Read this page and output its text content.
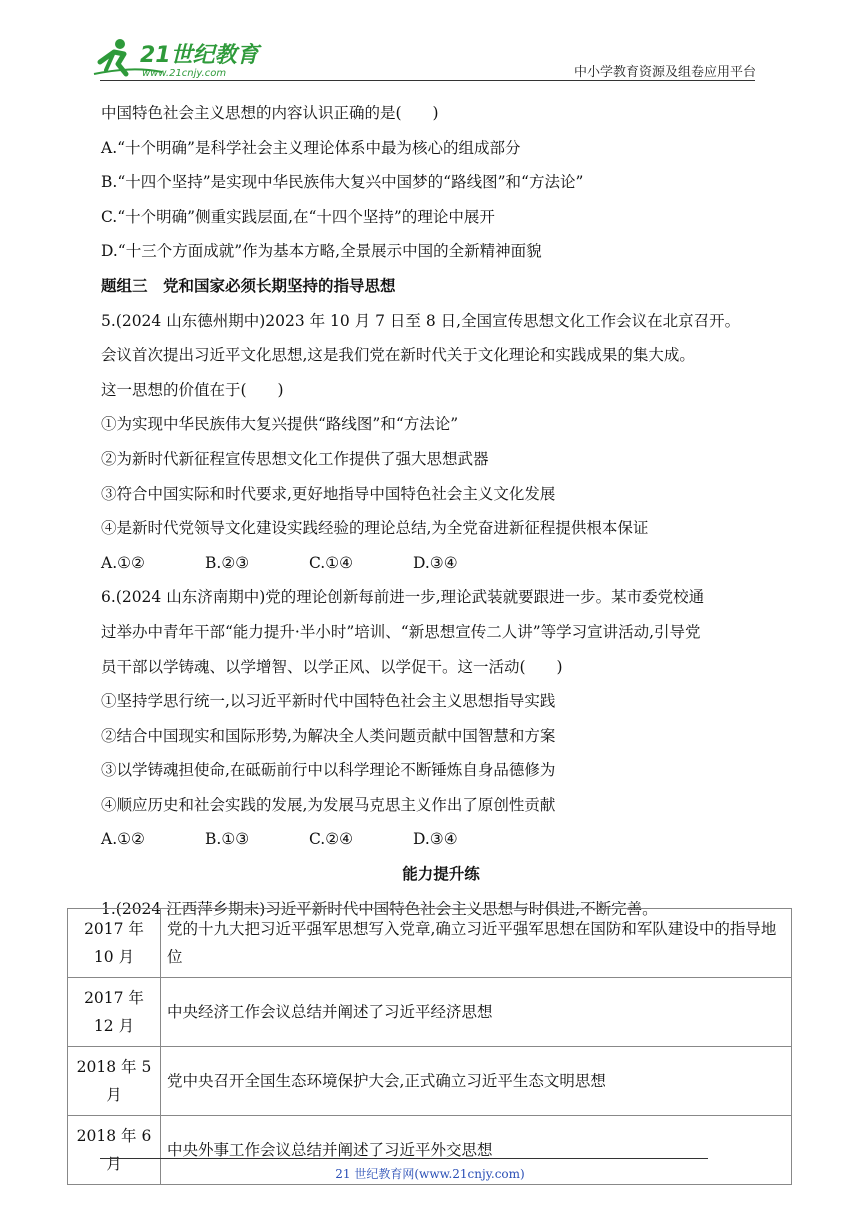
21世纪教育
www.21cnjy.com	中小学教育资源及组卷应用平台
中国特色社会主义思想的内容认识正确的是(　　)
A.“十个明确”是科学社会主义理论体系中最为核心的组成部分
B.“十四个坚持”是实现中华民族伟大复兴中国梦的“路线图”和“方法论”
C.“十个明确”侧重实践层面,在“十四个坚持”的理论中展开
D.“十三个方面成就”作为基本方略,全景展示中国的全新精神面貌
题组三　党和国家必须长期坚持的指导思想
5.(2024 山东德州期中)2023 年 10 月 7 日至 8 日,全国宣传思想文化工作会议在北京召开。
会议首次提出习近平文化思想,这是我们党在新时代关于文化理论和实践成果的集大成。
这一思想的价值在于(　　)
①为实现中华民族伟大复兴提供“路线图”和“方法论”
②为新时代新征程宣传思想文化工作提供了强大思想武器
③符合中国实际和时代要求,更好地指导中国特色社会主义文化发展
④是新时代党领导文化建设实践经验的理论总结,为全党奋进新征程提供根本保证
A.①②	B.②③	C.①④	D.③④
6.(2024 山东济南期中)党的理论创新每前进一步,理论武装就要跟进一步。某市委党校通
过举办中青年干部“能力提升·半小时”培训、“新思想宣传二人讲”等学习宣讲活动,引导党
员干部以学铸魂、以学增智、以学正风、以学促干。这一活动(　　)
①坚持学思行统一,以习近平新时代中国特色社会主义思想指导实践
②结合中国现实和国际形势,为解决全人类问题贡献中国智慧和方案
③以学铸魂担使命,在砥砺前行中以科学理论不断锤炼自身品德修为
④顺应历史和社会实践的发展,为发展马克思主义作出了原创性贡献
A.①②	B.①③	C.②④	D.③④
能力提升练
1.(2024 江西萍乡期末)习近平新时代中国特色社会主义思想与时俱进,不断完善。
2017 年 10 月	党的十九大把习近平强军思想写入党章,确立习近平强军思想在国防和军队建设中的指导地位
2017 年 12 月	中央经济工作会议总结并阐述了习近平经济思想
2018 年 5 月	党中央召开全国生态环境保护大会,正式确立习近平生态文明思想
2018 年 6 月	中央外事工作会议总结并阐述了习近平外交思想
21 世纪教育网(www.21cnjy.com)
